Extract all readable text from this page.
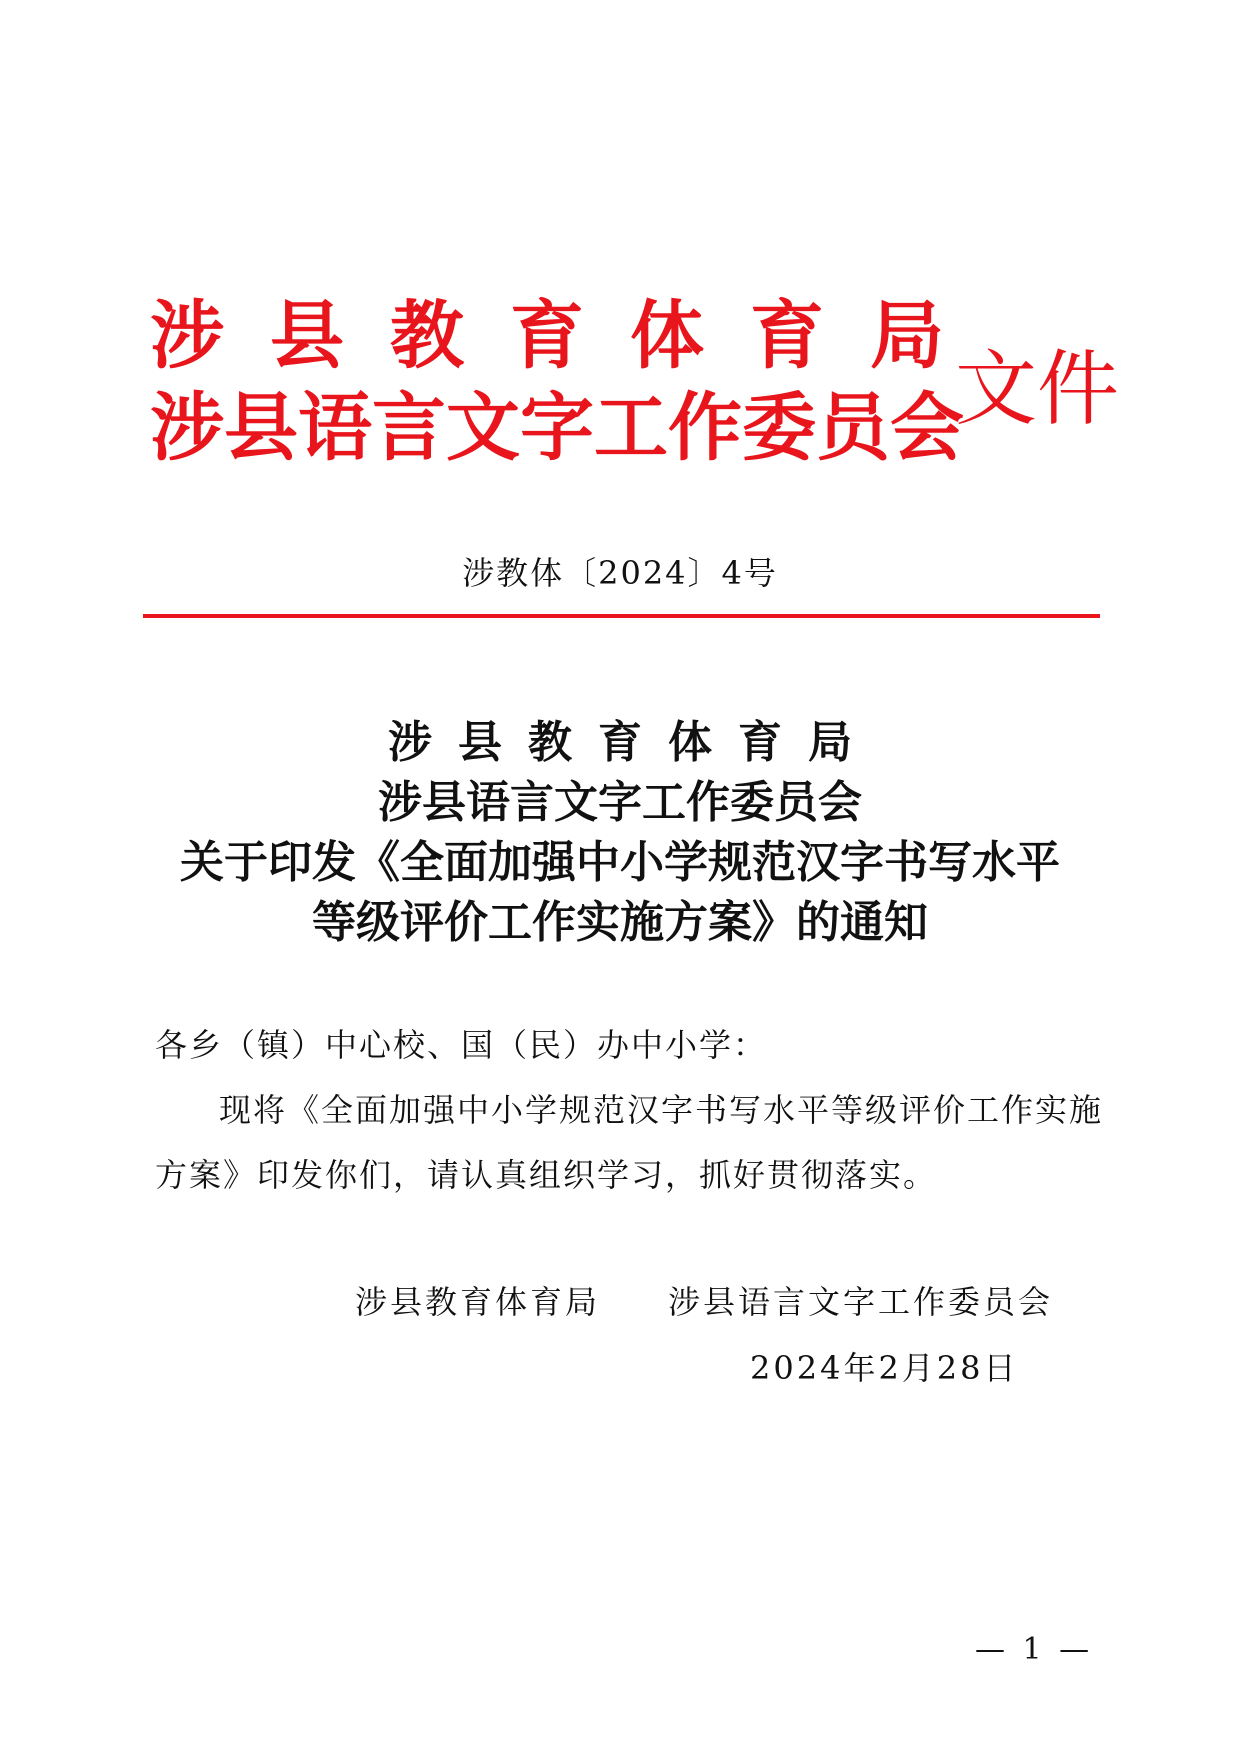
涉县教育体育局
涉县语言文字工作委员会
文件
涉教体〔2024〕4号
涉县教育体育局
涉县语言文字工作委员会
关于印发《全面加强中小学规范汉字书写水平
等级评价工作实施方案》的通知
各乡（镇）中心校、国（民）办中小学：
现将《全面加强中小学规范汉字书写水平等级评价工作实施
方案》印发你们，请认真组织学习，抓好贯彻落实。
涉县教育体育局 涉县语言文字工作委员会
2024年2月28日
— 1 —
